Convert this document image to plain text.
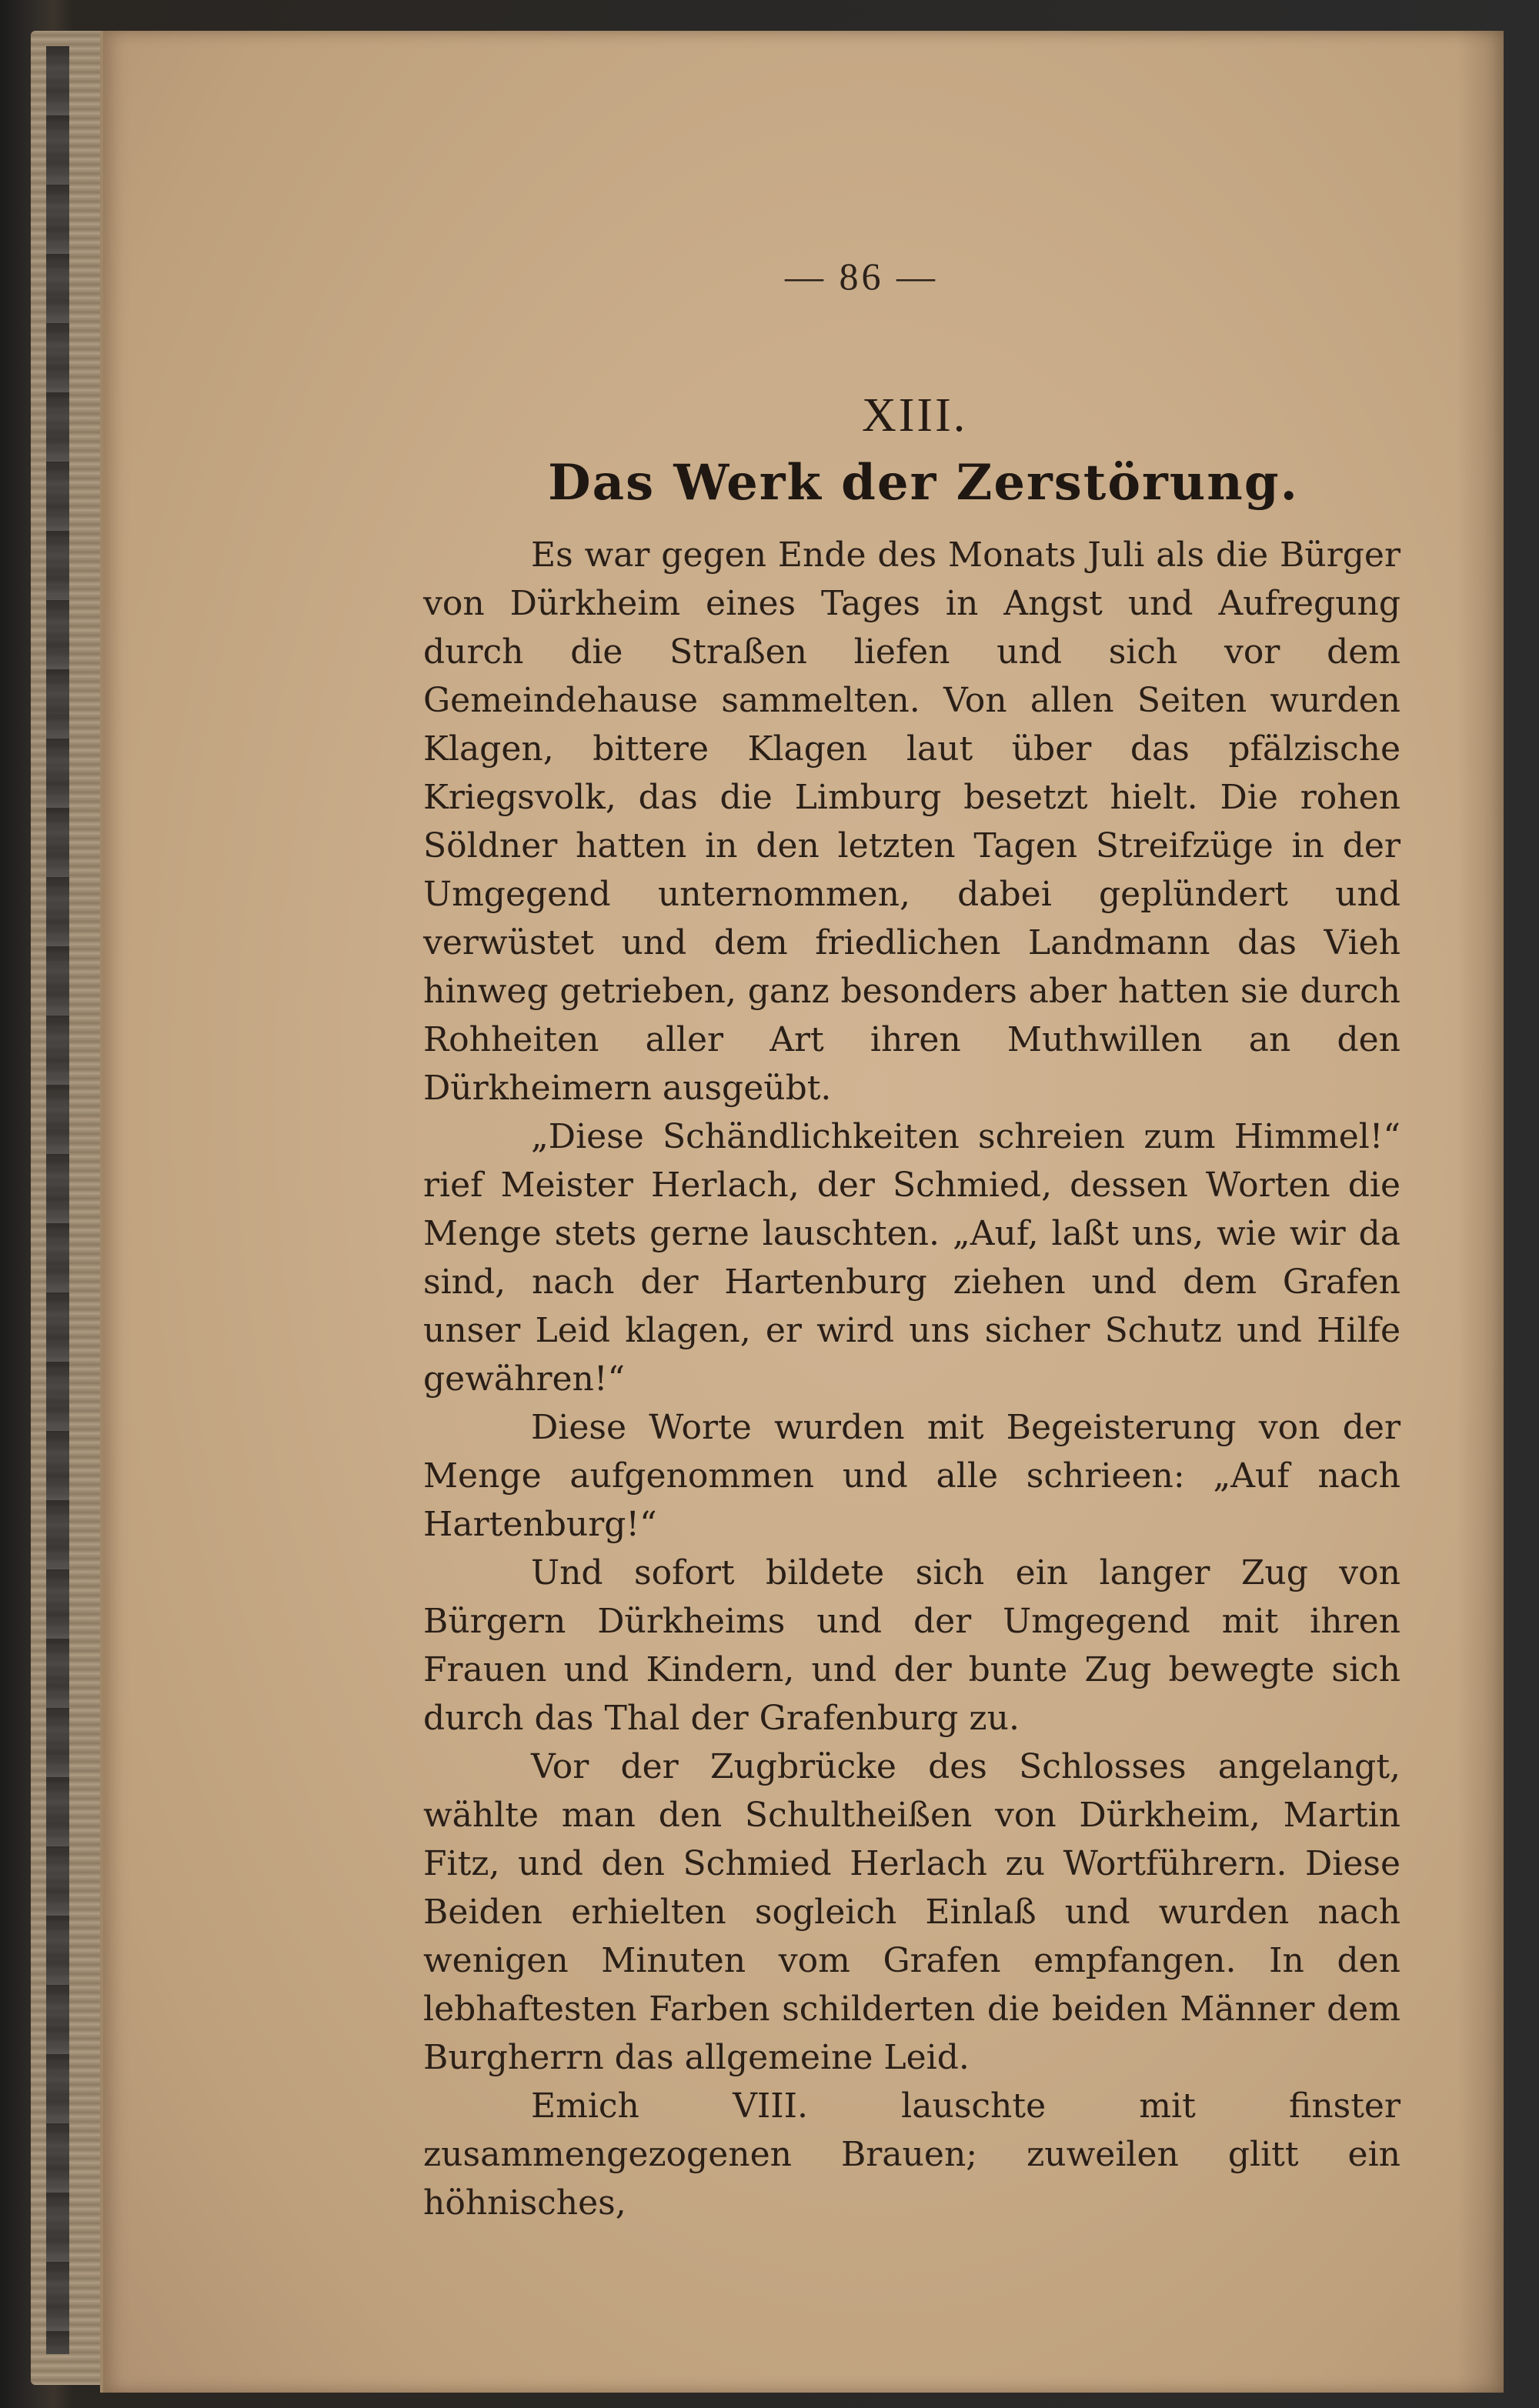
— 86 —
XIII.
Das Werk der Zerstörung.

Es war gegen Ende des Monats Juli als die Bürger von Dürkheim eines Tages in Angst und Aufregung durch die Straßen liefen und sich vor dem Gemeindehause sammelten. Von allen Seiten wurden Klagen, bittere Klagen laut über das pfälzische Kriegsvolk, das die Limburg besetzt hielt. Die rohen Söldner hatten in den letzten Tagen Streifzüge in der Umgegend unternommen, dabei geplündert und verwüstet und dem friedlichen Landmann das Vieh hinweg getrieben, ganz besonders aber hatten sie durch Rohheiten aller Art ihren Muthwillen an den Dürkheimern ausgeübt.

„Diese Schändlichkeiten schreien zum Himmel!“ rief Meister Herlach, der Schmied, dessen Worten die Menge stets gerne lauschten. „Auf, laßt uns, wie wir da sind, nach der Hartenburg ziehen und dem Grafen unser Leid klagen, er wird uns sicher Schutz und Hilfe gewähren!“

Diese Worte wurden mit Begeisterung von der Menge aufgenommen und alle schrieen: „Auf nach Hartenburg!“

Und sofort bildete sich ein langer Zug von Bürgern Dürkheims und der Umgegend mit ihren Frauen und Kindern, und der bunte Zug bewegte sich durch das Thal der Grafenburg zu.

Vor der Zugbrücke des Schlosses angelangt, wählte man den Schultheißen von Dürkheim, Martin Fitz, und den Schmied Herlach zu Wortführern. Diese Beiden erhielten sogleich Einlaß und wurden nach wenigen Minuten vom Grafen empfangen. In den lebhaftesten Farben schilderten die beiden Männer dem Burgherrn das allgemeine Leid.

Emich VIII. lauschte mit finster zusammengezogenen Brauen; zuweilen glitt ein höhnisches,
